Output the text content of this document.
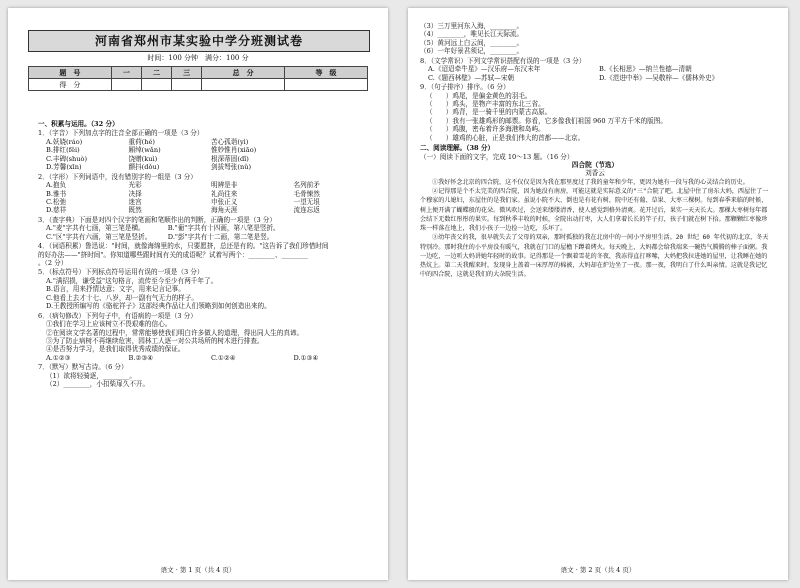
河南省郑州市某实验中学分班测试卷
时间：100 分钟　满分：100 分
题　号	一	二	三	总　分	等　级
得　分					
一、积累与运用。（32 分）
1．（字音）下列加点字的注音全部正确的一项是（3 分）
A.妖娆(ráo)	重荷(hé)	苦心孤诣(yì)
B.排红(fěi)	厢绰(wǎn)	惟妙惟肖(xiāo)
C.丰碑(shuò)	饶赠(kuì)	根深蒂固(dǐ)
D.芳馨(xīn)	颤抖(dǒu)	剑拔弩张(nǔ)
2．（字形）下列词语中，没有错别字的一组是（3 分）
A.抱负	光彩	明辨是非	名列前矛
B.雅书	决择	礼尚往来	毛骨悚然
C.松弛	迷宫	申张正义	一望无垠
D.慈祥	既然	海角天涯	流连忘返
3．（查字典）下面是对四个汉字的笔画和笔顺作出的判断，正确的一项是（3 分）
A."麦"字共有七画，第三笔是横。　　　　B."葡"字共有十四画，第八笔是竖折。
C."区"字共有六画，第三笔是竖折。　　　D."彭"字共有十二画，第二笔是竖。
4．（词语积累）鲁迅说："时间，就像海绵里的水，只要愿挤，总还是有的。"这告诉了我们珍惜时间
的好办法——"挤时间"。你知道哪些跟时间有关的成语呢？试着写两个：________、________
。（2 分）
5．（标点符号）下列标点符号运用有误的一项是（3 分）
A."满招损，谦受益"这句格言，流传至今至少有两千年了。
B.语言，用来抒情达意；文字，用来记言记事。
C.他看上去才十七、八岁，却一副有气无力的样子。
D.王教授所编写的《骆驼祥子》这部经典作品让人们领略到如何创造出来的。
6．（病句修改）下列句子中，有语病的一项是（3 分）
①我们在学习上应该树立不畏艰难的信心。
②在阅读文学名著的过程中，常常能够使我们明白许多做人的道理，得出同人生的真谛。
③为了防止病树不再继续危害，园林工人逐一对公共场所的树木进行排查。
④是否努力学习，是我们取得优秀成绩的保证。
A.①②③	B.②③④	C.①②④	D.①③④
7．（默写）默写古诗。（6 分）
（1）欲将轻骑逐，________。
（2）________，小扣柴扉久不开。
语文 · 第 1 页（共 4 页）
（3）三万里河东入海，________。
（4）________，唯见长江天际流。
（5）黄河远上白云间，________。
（6）一年好景君须记，________。
8．（文学常识）下列文学常识搭配有误的一项是（3 分）
A.《迢迢牵牛星》—汉乐府—东汉末年	B.《长相思》—纳兰性德—清朝
C.《题西林壁》—苏轼—宋朝	D.《范进中举》—吴敬梓—《儒林外史》
9．（句子排序）排序。（6 分）
（　　）鸡尾，是偏金黄色的羽毛。
（　　）鸡头，是物产丰富的东北三省。
（　　）鸡背，是一骑千里的内蒙古高原。
（　　）我有一张雄鸡形的邮票。你看，它多像我们祖国 960 万平方千米的版图。
（　　）鸡腹，密布着许多海港和岛屿。
（　　）雄鸡的心脏，正是我们伟大的首都——北京。
二、阅读理解。（38 分）
（一）阅读下面的文字，完成 10～13 题。（16 分）
四合院（节选）
刘香云
①我好怀念北京的四合院，这不仅仅是因为我在那里度过了我的童年和少年，更因为她有一段与我的心灵结合的历史。
②记得那是个不太完美的四合院，因为她没有南房，可能这就是实际意义的"三"合院了吧。北屋中住了房东大妈，西屋住了一个穆家的儿媳妇，东屋住的是我们家。虽说小院不大，倒也是有花有树，院中还有葡、草果、大枣三棵树。每到春季来临的时候，树上便开满了蝴蝶般的花朵。微风吹过，会送来缕缕清香，使人感觉到格外清爽。花开过后，果实一天天长大。那棵大枣树每年都会结下无数红彤彤的果实。每到秋季丰收的时候，全院出动打枣，大人们拿着长长的竿子打，孩子们就在树下拾。那颗颗红枣像珍珠一样落在地上，我们小孩子一边捡一边吃，乐坏了。
③幼年丧父的我，很早就失去了父母的双亲，那时孤独的我在北房中的一间小平房里生活。20 世纪 60 年代初的北京，冬天特别冷。那时我住的小平房没有暖气，我就在门口的屋檐下蹲着烤火。每天晚上，大妈都会给我端来一碗热气腾腾的棒子面粥。我一边吃，一边听大妈讲她年轻时的故事。记得那是一个飘着雪花的冬夜，我冻得直打哆嗦，大妈把我拉进她的屋里，让我睡在她的热炕上。第二天我醒来时，发现身上盖着一床厚厚的棉被，大妈却在炉边坐了一夜。那一夜，我明白了什么叫亲情。这就是我记忆中的四合院，这就是我们的大杂院生活。
语文 · 第 2 页（共 4 页）
